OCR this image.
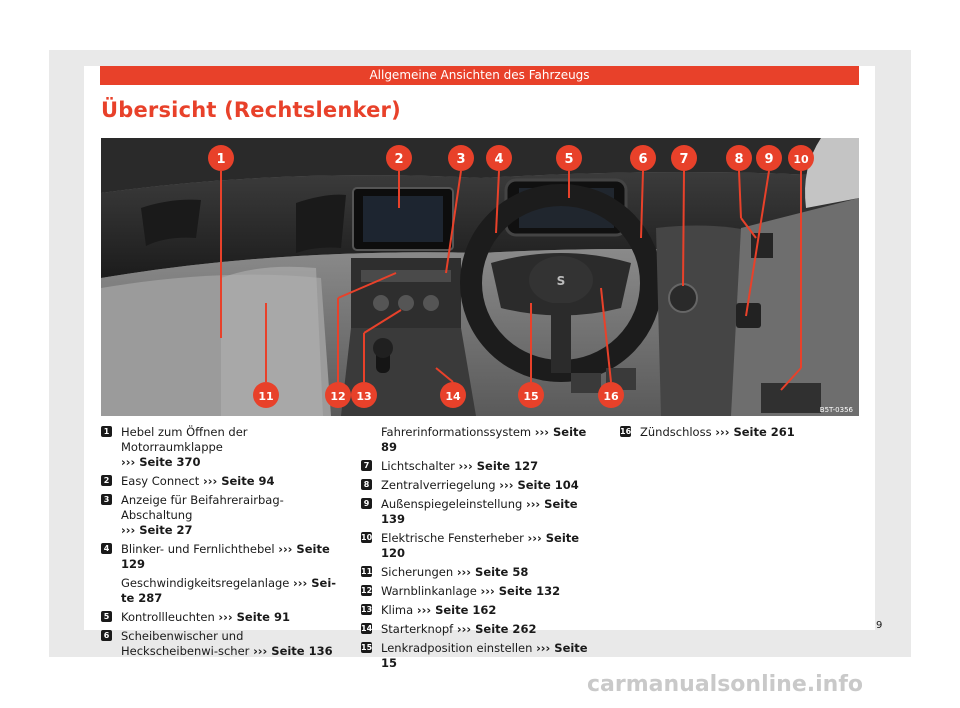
Allgemeine Ansichten des Fahrzeugs
Übersicht (Rechtslenker)
S
1	2	3 4	5	6 7	8 9 10
11	12 13	14	15	16
B5T-0356
1 Hebel zum Öffnen der Motorraumklappe
››› Seite 370
2 Easy Connect ››› Seite 94
3 Anzeige für Beifahrerairbag-Abschaltung
››› Seite 27
4 Blinker- und Fernlichthebel ››› Seite 129
Geschwindigkeitsregelanlage ››› Sei-te 287
5 Kontrollleuchten ››› Seite 91
6 Scheibenwischer und Heckscheibenwi-scher ››› Seite 136
Fahrerinformationssystem ››› Seite 89
7 Lichtschalter ››› Seite 127
8 Zentralverriegelung ››› Seite 104
9 Außenspiegeleinstellung ››› Seite 139
10 Elektrische Fensterheber ››› Seite 120
11 Sicherungen ››› Seite 58
12 Warnblinkanlage ››› Seite 132
13 Klima ››› Seite 162
14 Starterknopf ››› Seite 262
15 Lenkradposition einstellen ››› Seite 15
16 Zündschloss ››› Seite 261
9
carmanualsonline.info
